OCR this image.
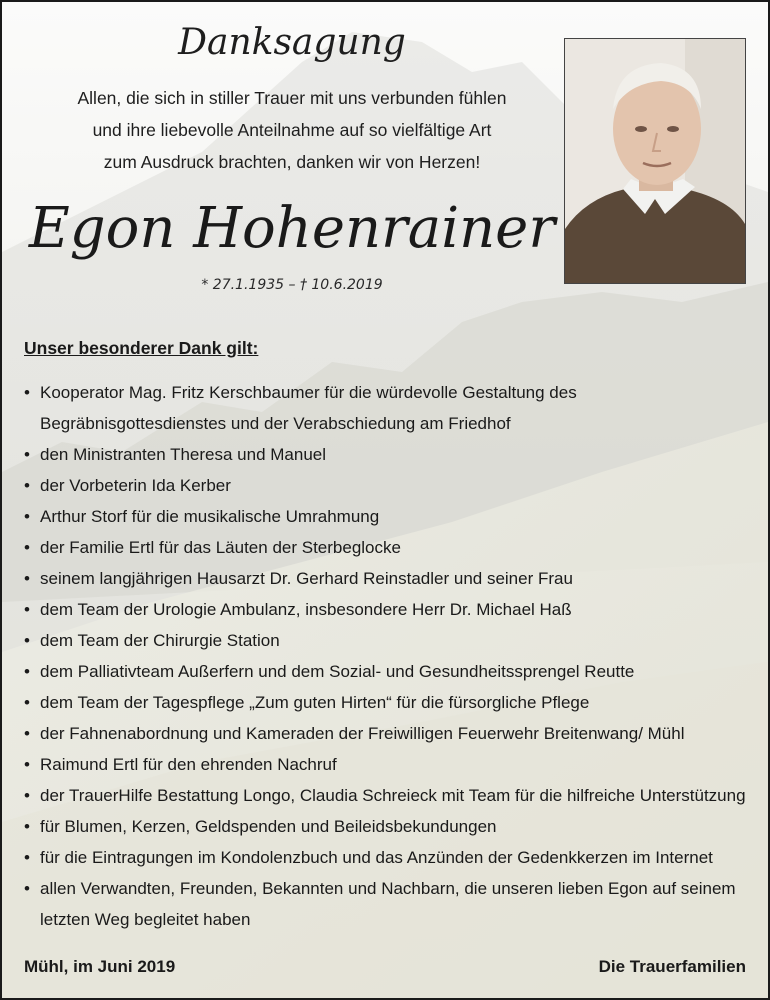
Danksagung
Allen, die sich in stiller Trauer mit uns verbunden fühlen
und ihre liebevolle Anteilnahme auf so vielfältige Art
zum Ausdruck brachten, danken wir von Herzen!
Egon Hohenrainer
* 27.1.1935 – † 10.6.2019
Unser besonderer Dank gilt:
• Kooperator Mag. Fritz Kerschbaumer für die würdevolle Gestaltung des
Begräbnisgottesdienstes und der Verabschiedung am Friedhof
• den Ministranten Theresa und Manuel
• der Vorbeterin Ida Kerber
• Arthur Storf für die musikalische Umrahmung
• der Familie Ertl für das Läuten der Sterbeglocke
• seinem langjährigen Hausarzt Dr. Gerhard Reinstadler und seiner Frau
• dem Team der Urologie Ambulanz, insbesondere Herr Dr. Michael Haß
• dem Team der Chirurgie Station
• dem Palliativteam Außerfern und dem Sozial- und Gesundheitssprengel Reutte
• dem Team der Tagespflege „Zum guten Hirten“ für die fürsorgliche Pflege
• der Fahnenabordnung und Kameraden der Freiwilligen Feuerwehr Breitenwang/ Mühl
• Raimund Ertl für den ehrenden Nachruf
• der TrauerHilfe Bestattung Longo, Claudia Schreieck mit Team für die hilfreiche Unterstützung
• für Blumen, Kerzen, Geldspenden und Beileidsbekundungen
• für die Eintragungen im Kondolenzbuch und das Anzünden der Gedenkkerzen im Internet
• allen Verwandten, Freunden, Bekannten und Nachbarn, die unseren lieben Egon auf seinem
letzten Weg begleitet haben
Mühl, im Juni 2019	Die Trauerfamilien
